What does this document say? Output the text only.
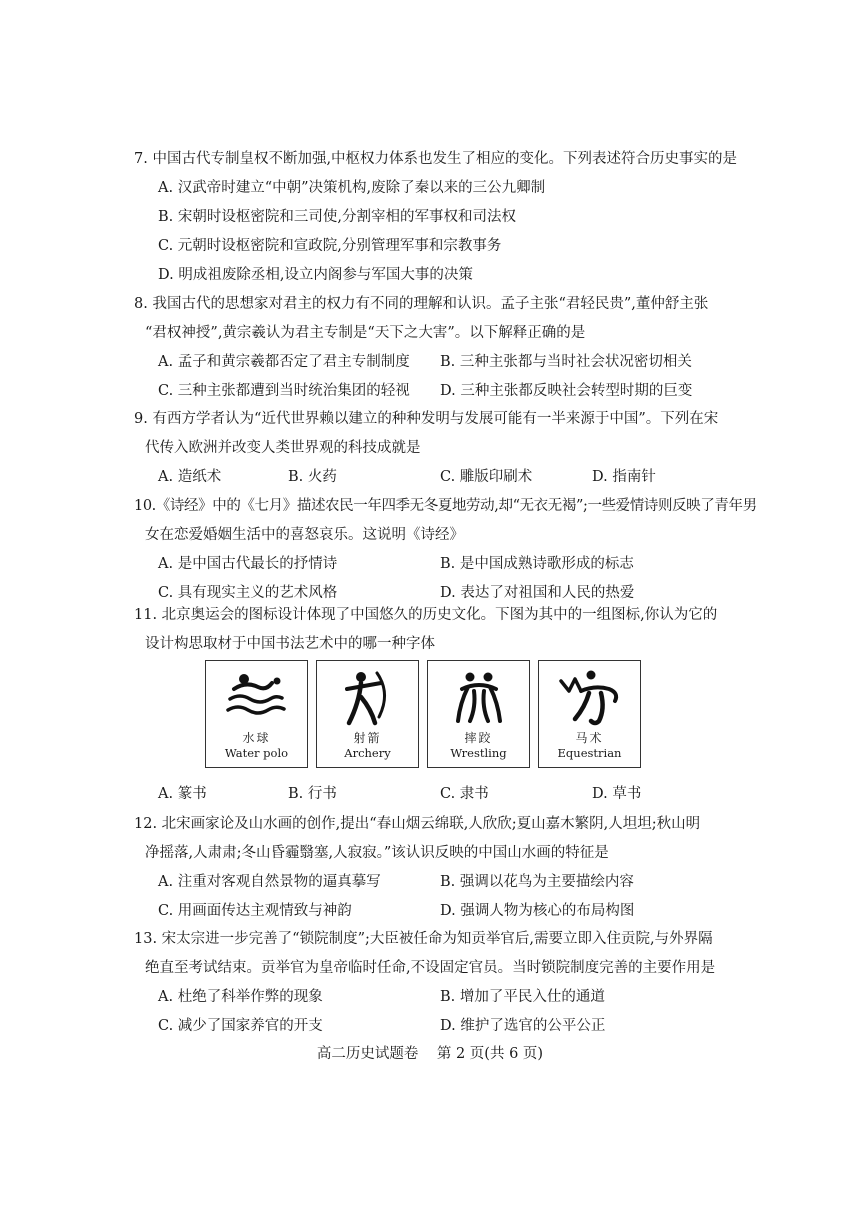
7. 中国古代专制皇权不断加强,中枢权力体系也发生了相应的变化。下列表述符合历史事实的是
A. 汉武帝时建立“中朝”决策机构,废除了秦以来的三公九卿制
B. 宋朝时设枢密院和三司使,分割宰相的军事权和司法权
C. 元朝时设枢密院和宣政院,分别管理军事和宗教事务
D. 明成祖废除丞相,设立内阁参与军国大事的决策
8. 我国古代的思想家对君主的权力有不同的理解和认识。孟子主张“君轻民贵”,董仲舒主张
“君权神授”,黄宗羲认为君主专制是“天下之大害”。以下解释正确的是
A. 孟子和黄宗羲都否定了君主专制制度	B. 三种主张都与当时社会状况密切相关
C. 三种主张都遭到当时统治集团的轻视	D. 三种主张都反映社会转型时期的巨变
9. 有西方学者认为“近代世界赖以建立的种种发明与发展可能有一半来源于中国”。下列在宋
代传入欧洲并改变人类世界观的科技成就是
A. 造纸术	B. 火药	C. 雕版印刷术	D. 指南针
10.《诗经》中的《七月》描述农民一年四季无冬夏地劳动,却“无衣无褐”;一些爱情诗则反映了青年男
女在恋爱婚姻生活中的喜怒哀乐。这说明《诗经》
A. 是中国古代最长的抒情诗	B. 是中国成熟诗歌形成的标志
C. 具有现实主义的艺术风格	D. 表达了对祖国和人民的热爱
11. 北京奥运会的图标设计体现了中国悠久的历史文化。下图为其中的一组图标,你认为它的
设计构思取材于中国书法艺术中的哪一种字体
水球
Water polo
射箭
Archery
摔跤
Wrestling
马术
Equestrian
A. 篆书	B. 行书	C. 隶书	D. 草书
12. 北宋画家论及山水画的创作,提出“春山烟云绵联,人欣欣;夏山嘉木繁阴,人坦坦;秋山明
净摇落,人肃肃;冬山昏霾翳塞,人寂寂。”该认识反映的中国山水画的特征是
A. 注重对客观自然景物的逼真摹写	B. 强调以花鸟为主要描绘内容
C. 用画面传达主观情致与神韵	D. 强调人物为核心的布局构图
13. 宋太宗进一步完善了“锁院制度”;大臣被任命为知贡举官后,需要立即入住贡院,与外界隔
绝直至考试结束。贡举官为皇帝临时任命,不设固定官员。当时锁院制度完善的主要作用是
A. 杜绝了科举作弊的现象	B. 增加了平民入仕的通道
C. 减少了国家养官的开支	D. 维护了选官的公平公正
高二历史试题卷    第 2 页(共 6 页)
